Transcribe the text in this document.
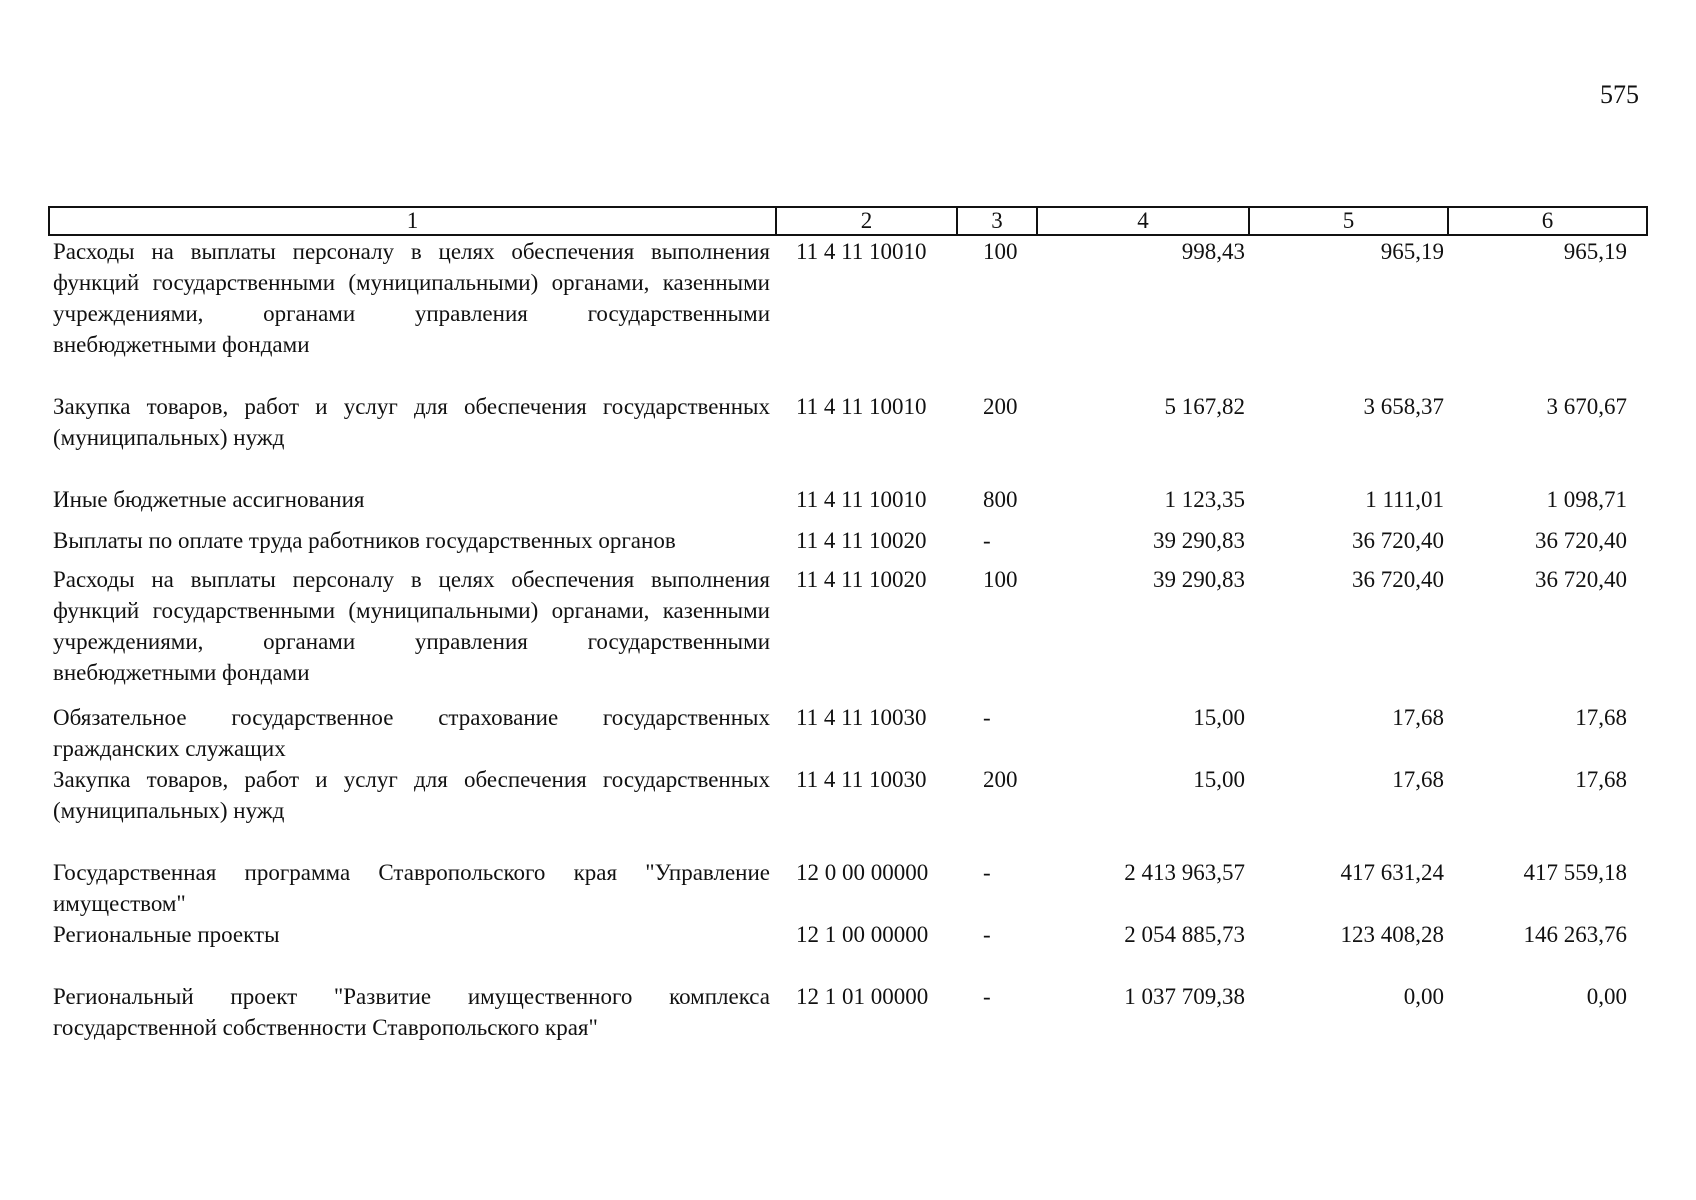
575
1	2	3	4	5	6
Расходы на выплаты персоналу в целях обеспечения выполнения функций государственными (муниципальными) органами, казенными учреждениями, органами управления государственными внебюджетными фондами	11 4 11 10010	100	998,43	965,19	965,19
Закупка товаров, работ и услуг для обеспечения государственных (муниципальных) нужд	11 4 11 10010	200	5 167,82	3 658,37	3 670,67
Иные бюджетные ассигнования	11 4 11 10010	800	1 123,35	1 111,01	1 098,71
Выплаты по оплате труда работников государственных органов	11 4 11 10020	-	39 290,83	36 720,40	36 720,40
Расходы на выплаты персоналу в целях обеспечения выполнения функций государственными (муниципальными) органами, казенными учреждениями, органами управления государственными внебюджетными фондами	11 4 11 10020	100	39 290,83	36 720,40	36 720,40
Обязательное государственное страхование государственных гражданских служащих	11 4 11 10030	-	15,00	17,68	17,68
Закупка товаров, работ и услуг для обеспечения государственных (муниципальных) нужд	11 4 11 10030	200	15,00	17,68	17,68
Государственная программа Ставропольского края "Управление имуществом"	12 0 00 00000	-	2 413 963,57	417 631,24	417 559,18
Региональные проекты	12 1 00 00000	-	2 054 885,73	123 408,28	146 263,76
Региональный проект "Развитие имущественного комплекса государственной собственности Ставропольского края"	12 1 01 00000	-	1 037 709,38	0,00	0,00
